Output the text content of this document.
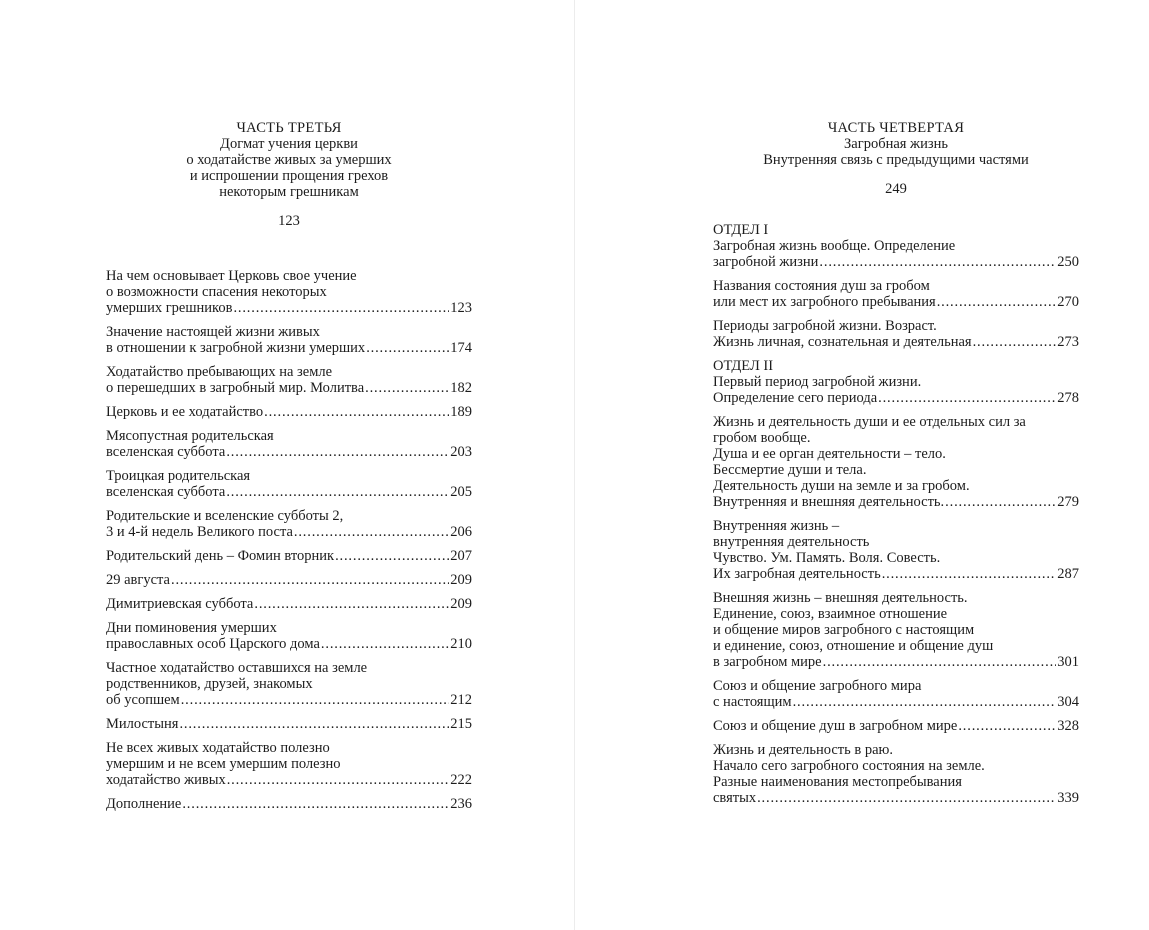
ЧАСТЬ ТРЕТЬЯ
Догмат учения церкви
о ходатайстве живых за умерших
и испрошении прощения грехов
некоторым грешникам
123
На чем основывает Церковь свое учение
о возможности спасения некоторых
умерших грешников . . .	123
Значение настоящей жизни живых
в отношении к загробной жизни умерших . . .	174
Ходатайство пребывающих на земле
о перешедших в загробный мир. Молитва . . .	182
Церковь и ее ходатайство . . .	189
Мясопустная родительская
вселенская суббота . . .	203
Троицкая родительская
вселенская суббота . . .	205
Родительские и вселенские субботы 2,
3 и 4-й недель Великого поста . . .	206
Родительский день – Фомин вторник . . .	207
29 августа . . .	209
Димитриевская суббота . . .	209
Дни поминовения умерших
православных особ Царского дома . . .	210
Частное ходатайство оставшихся на земле
родственников, друзей, знакомых
об усопшем . . .	212
Милостыня . . .	215
Не всех живых ходатайство полезно
умершим и не всем умершим полезно
ходатайство живых . . .	222
Дополнение . . .	236
ЧАСТЬ ЧЕТВЕРТАЯ
Загробная жизнь
Внутренняя связь с предыдущими частями
249
ОТДЕЛ I
Загробная жизнь вообще. Определение
загробной жизни . . .	250
Названия состояния душ за гробом
или мест их загробного пребывания . . .	270
Периоды загробной жизни. Возраст.
Жизнь личная, сознательная и деятельная . . .	273
ОТДЕЛ II
Первый период загробной жизни.
Определение сего периода . . .	278
Жизнь и деятельность души и ее отдельных сил за
гробом вообще.
Душа и ее орган деятельности – тело.
Бессмертие души и тела.
Деятельность души на земле и за гробом.
Внутренняя и внешняя деятельность. . . .	279
Внутренняя жизнь –
внутренняя деятельность
Чувство. Ум. Память. Воля. Совесть.
Их загробная деятельность . . .	287
Внешняя жизнь – внешняя деятельность.
Единение, союз, взаимное отношение
и общение миров загробного с настоящим
и единение, союз, отношение и общение душ
в загробном мире . . .	301
Союз и общение загробного мира
с настоящим . . .	304
Союз и общение душ в загробном мире . . .	328
Жизнь и деятельность в раю.
Начало сего загробного состояния на земле.
Разные наименования местопребывания
святых . . .	339
